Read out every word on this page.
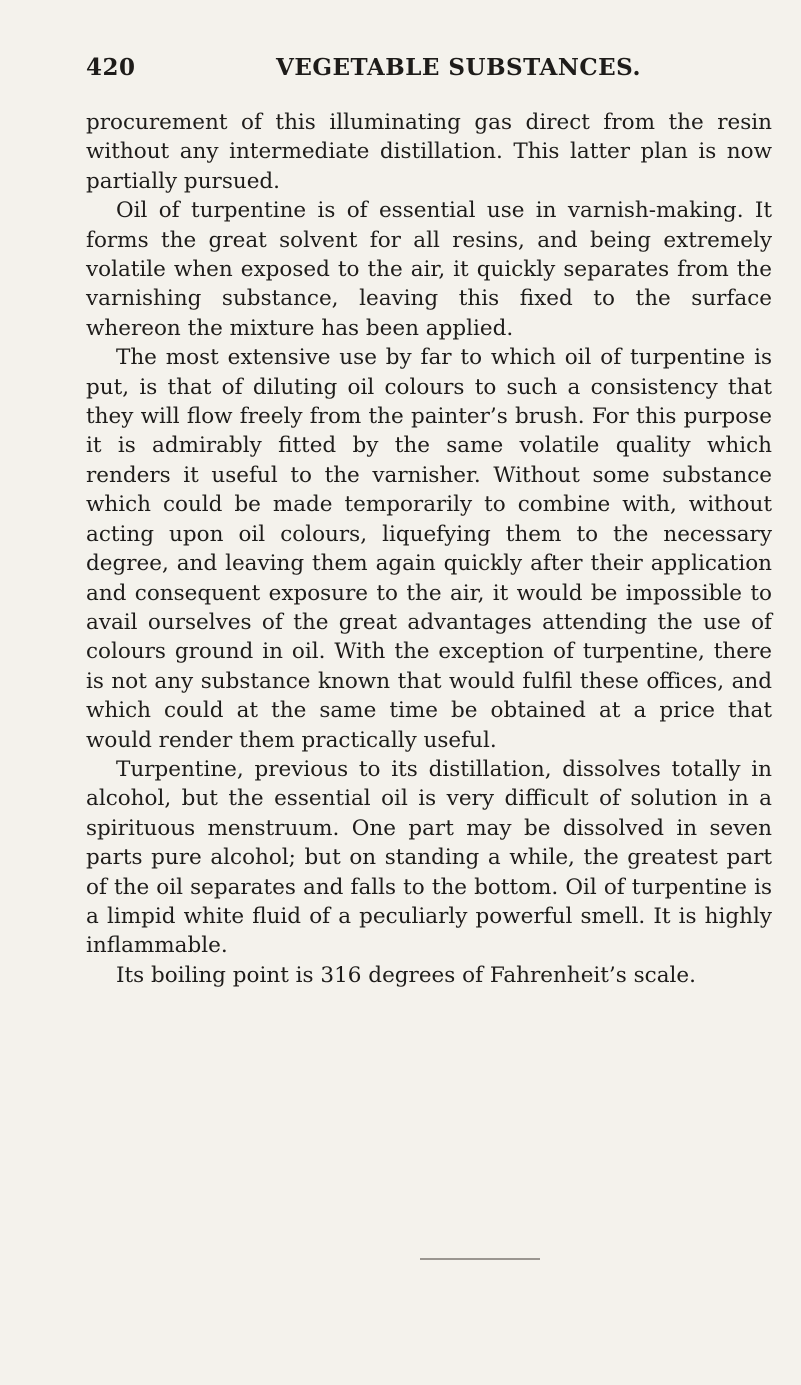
420	VEGETABLE SUBSTANCES.

procurement of this illuminating gas direct from the resin without any intermediate distillation. This latter plan is now partially pursued.

Oil of turpentine is of essential use in varnish-making. It forms the great solvent for all resins, and being extremely volatile when exposed to the air, it quickly separates from the varnishing substance, leaving this fixed to the surface whereon the mixture has been applied.

The most extensive use by far to which oil of turpentine is put, is that of diluting oil colours to such a consistency that they will flow freely from the painter’s brush. For this purpose it is admirably fitted by the same volatile quality which renders it useful to the varnisher. Without some substance which could be made temporarily to combine with, without acting upon oil colours, liquefying them to the necessary degree, and leaving them again quickly after their application and consequent exposure to the air, it would be impossible to avail ourselves of the great advantages attending the use of colours ground in oil. With the exception of turpentine, there is not any substance known that would fulfil these offices, and which could at the same time be obtained at a price that would render them practically useful.

Turpentine, previous to its distillation, dissolves totally in alcohol, but the essential oil is very difficult of solution in a spirituous menstruum. One part may be dissolved in seven parts pure alcohol; but on standing a while, the greatest part of the oil separates and falls to the bottom. Oil of turpentine is a limpid white fluid of a peculiarly powerful smell. It is highly inflammable.

Its boiling point is 316 degrees of Fahrenheit’s scale.
